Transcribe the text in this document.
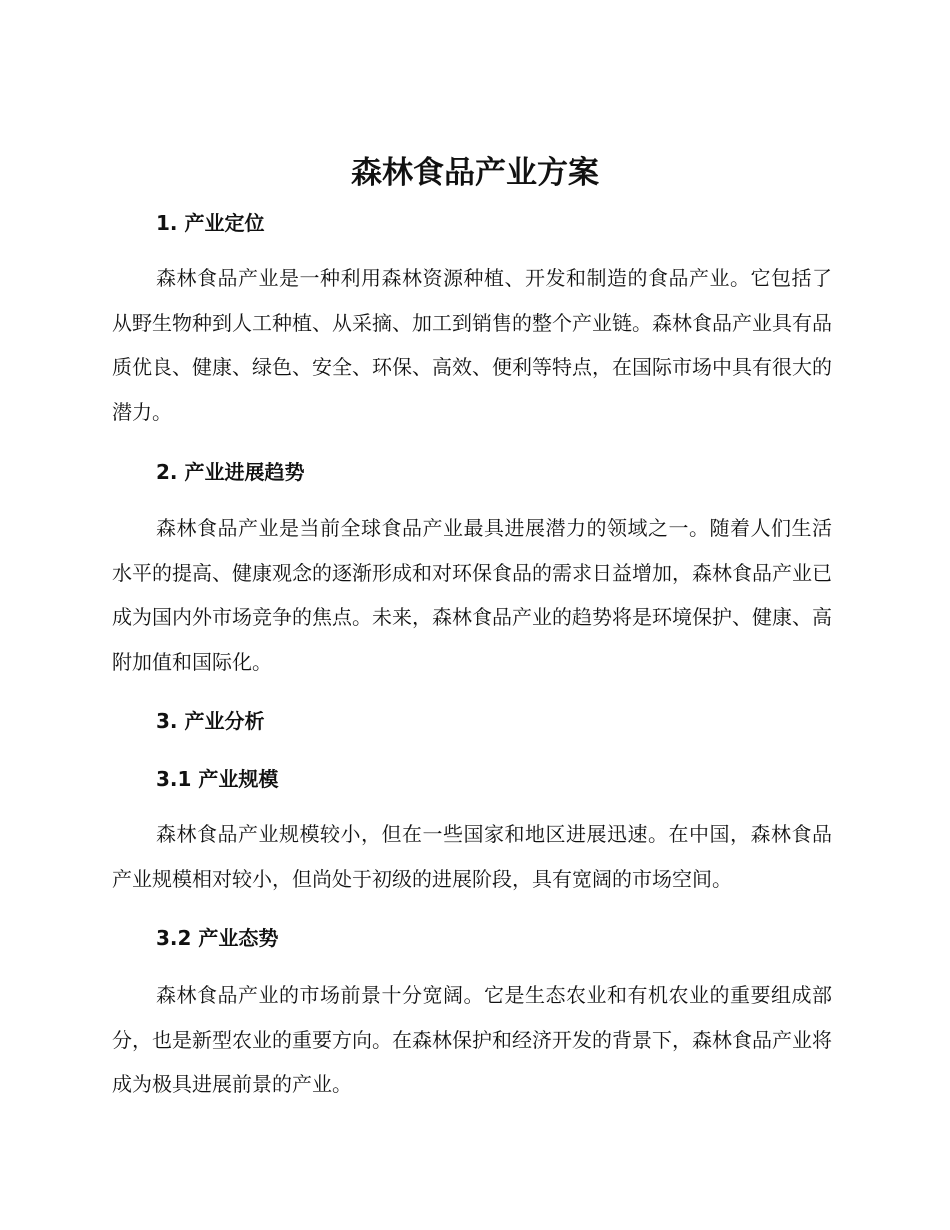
森林食品产业方案
1. 产业定位

森林食品产业是一种利用森林资源种植、开发和制造的食品产业。它包括了从野生物种到人工种植、从采摘、加工到销售的整个产业链。森林食品产业具有品质优良、健康、绿色、安全、环保、高效、便利等特点，在国际市场中具有很大的潜力。

2. 产业进展趋势

森林食品产业是当前全球食品产业最具进展潜力的领域之一。随着人们生活水平的提高、健康观念的逐渐形成和对环保食品的需求日益增加，森林食品产业已成为国内外市场竞争的焦点。未来，森林食品产业的趋势将是环境保护、健康、高附加值和国际化。

3. 产业分析
3.1 产业规模

森林食品产业规模较小，但在一些国家和地区进展迅速。在中国，森林食品产业规模相对较小，但尚处于初级的进展阶段，具有宽阔的市场空间。

3.2 产业态势

森林食品产业的市场前景十分宽阔。它是生态农业和有机农业的重要组成部分，也是新型农业的重要方向。在森林保护和经济开发的背景下，森林食品产业将成为极具进展前景的产业。
